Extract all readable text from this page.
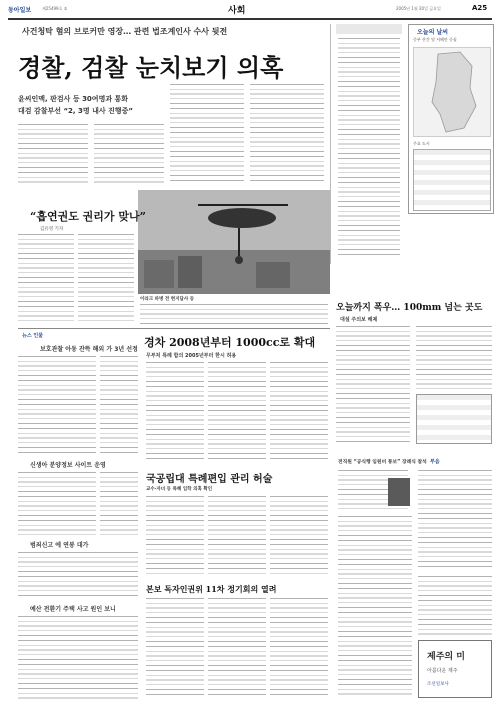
동아일보	제25499호 ②	사회	2005년 1월 20일 금요일	A25
사건청탁 혐의 브로커만 영장… 관련 법조계인사 수사 뒷전
경찰, 검찰 눈치보기 의혹
윤씨인맥, 판검사 등 30여명과 통화
대검 감찰부선 “2, 3명 내사 진행중”
오늘의 날씨
중부 산간 및 서해안 중심
주요 도시
이라크 파병 전 현지답사 등
“흡연권도 권리가 맞나”
김유영 기자
뉴스 인물
보호관찰 아동 잔뜩 해외 가 3년 선정
신생아 분양정보 사이트 운영
범죄신고 에 연봉 대가
예산 전환기 주택 사고 원인 보니
경차 2008년부터 1000cc로 확대
무부처 특례 합의 2005년부터 한시 허용
국공립대 특례편입 관리 허술
교수·자녀 등 특혜 입학 의혹 확인
본보 독자인권위 11차 정기회의 열려
오늘까지 폭우… 100mm 넘는 곳도
대설 주의보 해제
전직원 “공식행 임원비 통보” 장례식 참석 부음
제주의 미
아름다운 제주
조선일보사
